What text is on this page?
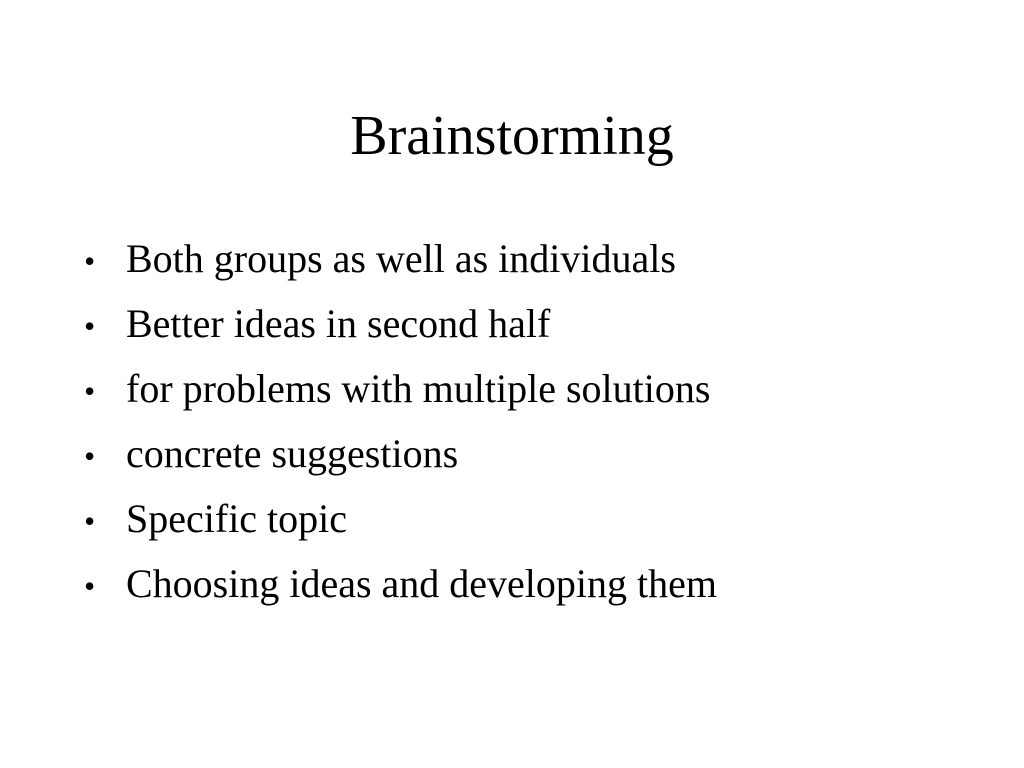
Brainstorming
• Both groups as well as individuals
• Better ideas in second half
• for problems with multiple solutions
• concrete suggestions
• Specific topic
• Choosing ideas and developing them
